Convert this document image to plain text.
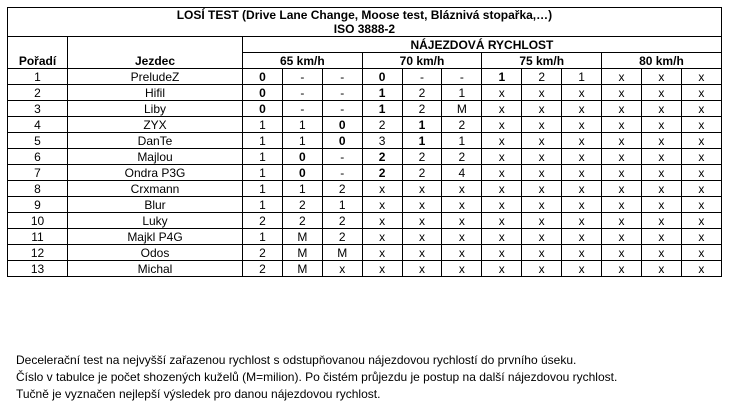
LOSÍ TEST (Drive Lane Change, Moose test, Bláznivá stopařka,…)
ISO 3888-2													

		NÁJEZDOVÁ RYCHLOST											
Pořadí	Jezdec	65 km/h			70 km/h			75 km/h			80 km/h		
1	PreludeZ	0	-	-	0	-	-	1	2	1	x	x	x
2	Hifil	0	-	-	1	2	1	x	x	x	x	x	x
3	Liby	0	-	-	1	2	M	x	x	x	x	x	x
4	ZYX	1	1	0	2	1	2	x	x	x	x	x	x
5	DanTe	1	1	0	3	1	1	x	x	x	x	x	x
6	Majlou	1	0	-	2	2	2	x	x	x	x	x	x
7	Ondra P3G	1	0	-	2	2	4	x	x	x	x	x	x
8	Crxmann	1	1	2	x	x	x	x	x	x	x	x	x
9	Blur	1	2	1	x	x	x	x	x	x	x	x	x
10	Luky	2	2	2	x	x	x	x	x	x	x	x	x
11	Majkl P4G	1	M	2	x	x	x	x	x	x	x	x	x
12	Odos	2	M	M	x	x	x	x	x	x	x	x	x
13	Michal	2	M	x	x	x	x	x	x	x	x	x	x
Decelerační test na nejvyšší zařazenou rychlost s odstupňovanou nájezdovou rychlostí do prvního úseku.
Číslo v tabulce je počet shozených kuželů (M=milion). Po čistém průjezdu je postup na další nájezdovou rychlost.
Tučně je vyznačen nejlepší výsledek pro danou nájezdovou rychlost.
